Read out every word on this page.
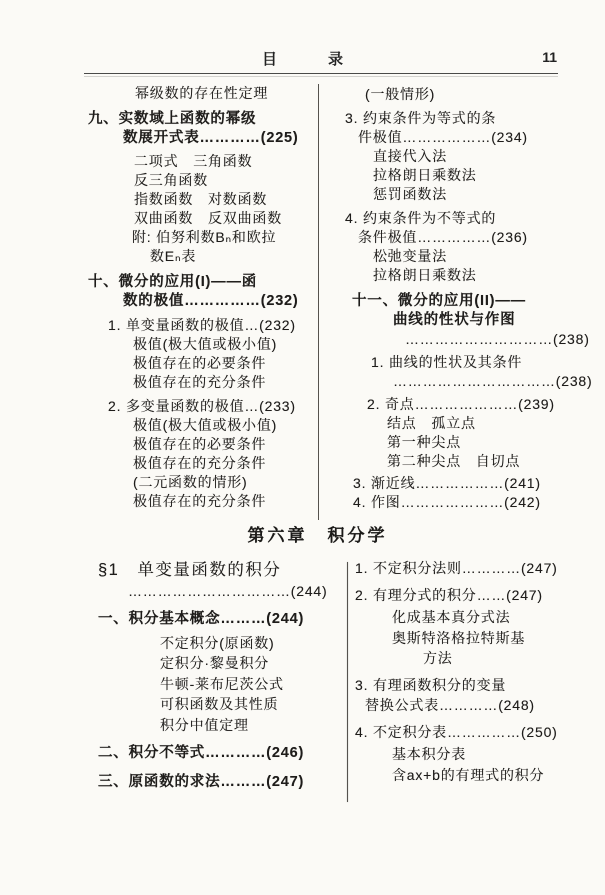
目　录	11
幂级数的存在性定理
九、实数域上函数的幂级
数展开式表…………(225)
二项式　三角函数
反三角函数
指数函数　对数函数
双曲函数　反双曲函数
附: 伯努利数Bₙ和欧拉
数Eₙ表
十、微分的应用(I)——函
数的极值……………(232)
1. 单变量函数的极值…(232)
极值(极大值或极小值)
极值存在的必要条件
极值存在的充分条件
2. 多变量函数的极值…(233)
极值(极大值或极小值)
极值存在的必要条件
极值存在的充分条件
(二元函数的情形)
极值存在的充分条件
(一般情形)
3. 约束条件为等式的条
件极值………………(234)
直接代入法
拉格朗日乘数法
惩罚函数法
4. 约束条件为不等式的
条件极值……………(236)
松弛变量法
拉格朗日乘数法
十一、微分的应用(II)——
曲线的性状与作图
…………………………(238)
1. 曲线的性状及其条件
……………………………(238)
2. 奇点…………………(239)
结点　孤立点
第一种尖点
第二种尖点　自切点
3. 渐近线………………(241)
4. 作图…………………(242)
第六章　积分学
§1　单变量函数的积分
……………………………(244)
一、积分基本概念………(244)
不定积分(原函数)
定积分·黎曼积分
牛顿-莱布尼茨公式
可积函数及其性质
积分中值定理
二、积分不等式…………(246)
三、原函数的求法………(247)
1. 不定积分法则…………(247)
2. 有理分式的积分……(247)
化成基本真分式法
奥斯特洛格拉特斯基
方法
3. 有理函数积分的变量
替换公式表…………(248)
4. 不定积分表……………(250)
基本积分表
含ax+b的有理式的积分
